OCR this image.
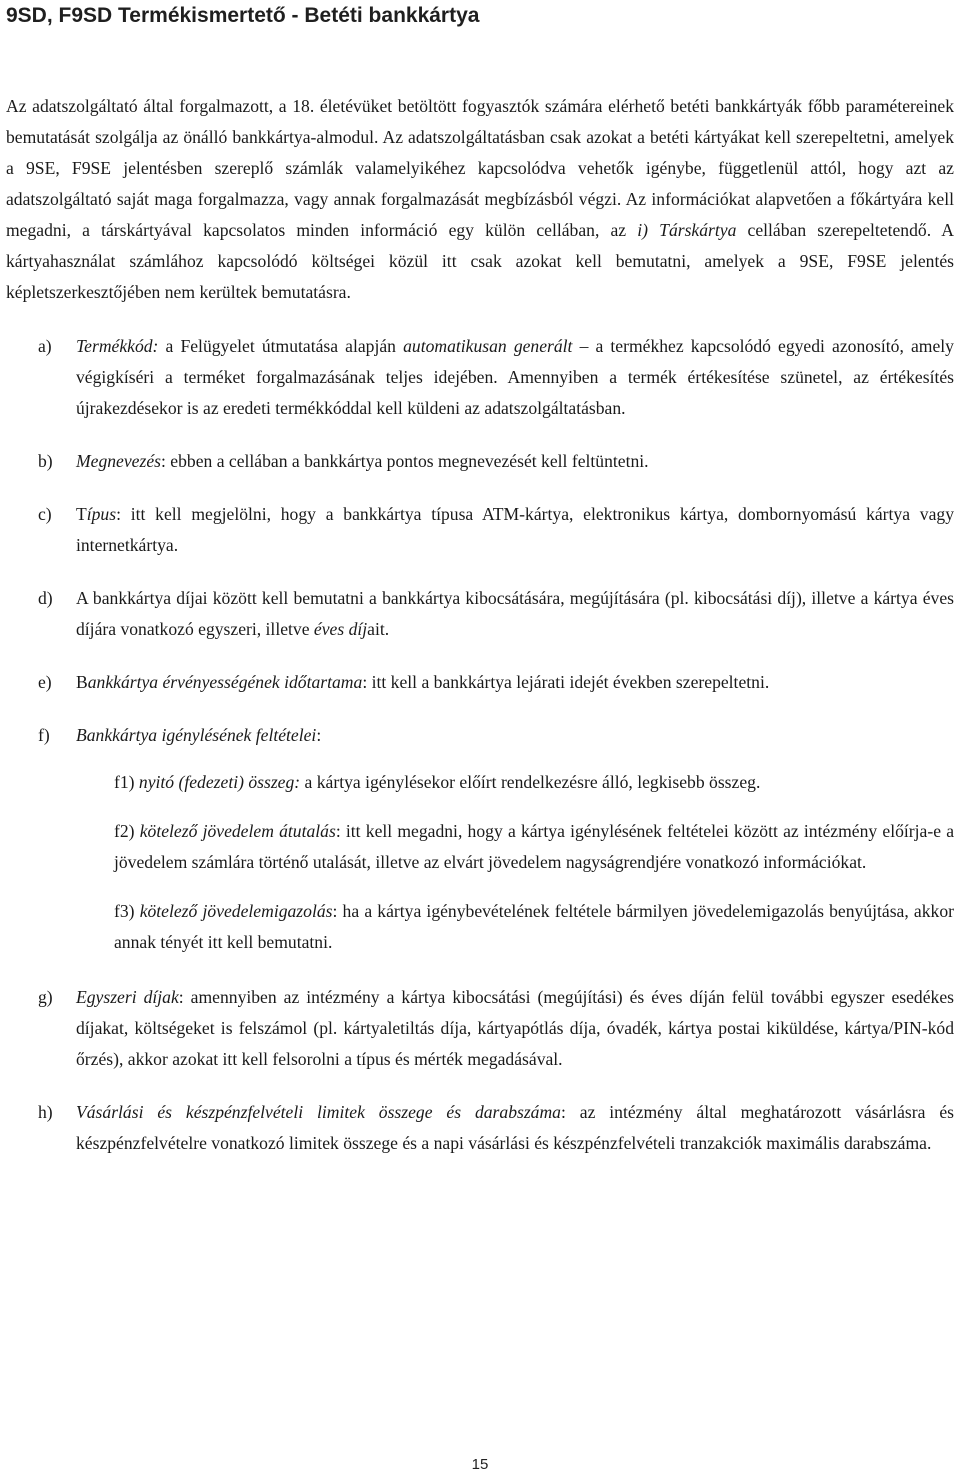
9SD, F9SD Termékismertető - Betéti bankkártya

Az adatszolgáltató által forgalmazott, a 18. életévüket betöltött fogyasztók számára elérhető betéti bankkártyák főbb paramétereinek bemutatását szolgálja az önálló bankkártya-almodul. Az adatszolgáltatásban csak azokat a betéti kártyákat kell szerepeltetni, amelyek a 9SE, F9SE jelentésben szereplő számlák valamelyikéhez kapcsolódva vehetők igénybe, függetlenül attól, hogy azt az adatszolgáltató saját maga forgalmazza, vagy annak forgalmazását megbízásból végzi. Az információkat alapvetően a főkártyára kell megadni, a társkártyával kapcsolatos minden információ egy külön cellában, az i) Társkártya cellában szerepeltetendő. A kártyahasználat számlához kapcsolódó költségei közül itt csak azokat kell bemutatni, amelyek a 9SE, F9SE jelentés képletszerkesztőjében nem kerültek bemutatásra.

a)	Termékkód: a Felügyelet útmutatása alapján automatikusan generált – a termékhez kapcsolódó egyedi azonosító, amely végigkíséri a terméket forgalmazásának teljes idejében. Amennyiben a termék értékesítése szünetel, az értékesítés újrakezdésekor is az eredeti termékkóddal kell küldeni az adatszolgáltatásban.

b)	Megnevezés: ebben a cellában a bankkártya pontos megnevezését kell feltüntetni.

c)	Típus: itt kell megjelölni, hogy a bankkártya típusa ATM-kártya, elektronikus kártya, dombornyomású kártya vagy internetkártya.

d)	A bankkártya díjai között kell bemutatni a bankkártya kibocsátására, megújítására (pl. kibocsátási díj), illetve a kártya éves díjára vonatkozó egyszeri, illetve éves díjait.

e)	Bankkártya érvényességének időtartama: itt kell a bankkártya lejárati idejét években szerepeltetni.

f)	Bankkártya igénylésének feltételei:

f1) nyitó (fedezeti) összeg: a kártya igénylésekor előírt rendelkezésre álló, legkisebb összeg.

f2) kötelező jövedelem átutalás: itt kell megadni, hogy a kártya igénylésének feltételei között az intézmény előírja-e a jövedelem számlára történő utalását, illetve az elvárt jövedelem nagyságrendjére vonatkozó információkat.

f3) kötelező jövedelemigazolás: ha a kártya igénybevételének feltétele bármilyen jövedelemigazolás benyújtása, akkor annak tényét itt kell bemutatni.

g)	Egyszeri díjak: amennyiben az intézmény a kártya kibocsátási (megújítási) és éves díján felül további egyszer esedékes díjakat, költségeket is felszámol (pl. kártyaletiltás díja, kártyapótlás díja, óvadék, kártya postai kiküldése, kártya/PIN-kód őrzés), akkor azokat itt kell felsorolni a típus és mérték megadásával.

h)	Vásárlási és készpénzfelvételi limitek összege és darabszáma: az intézmény által meghatározott vásárlásra és készpénzfelvételre vonatkozó limitek összege és a napi vásárlási és készpénzfelvételi tranzakciók maximális darabszáma.

15
